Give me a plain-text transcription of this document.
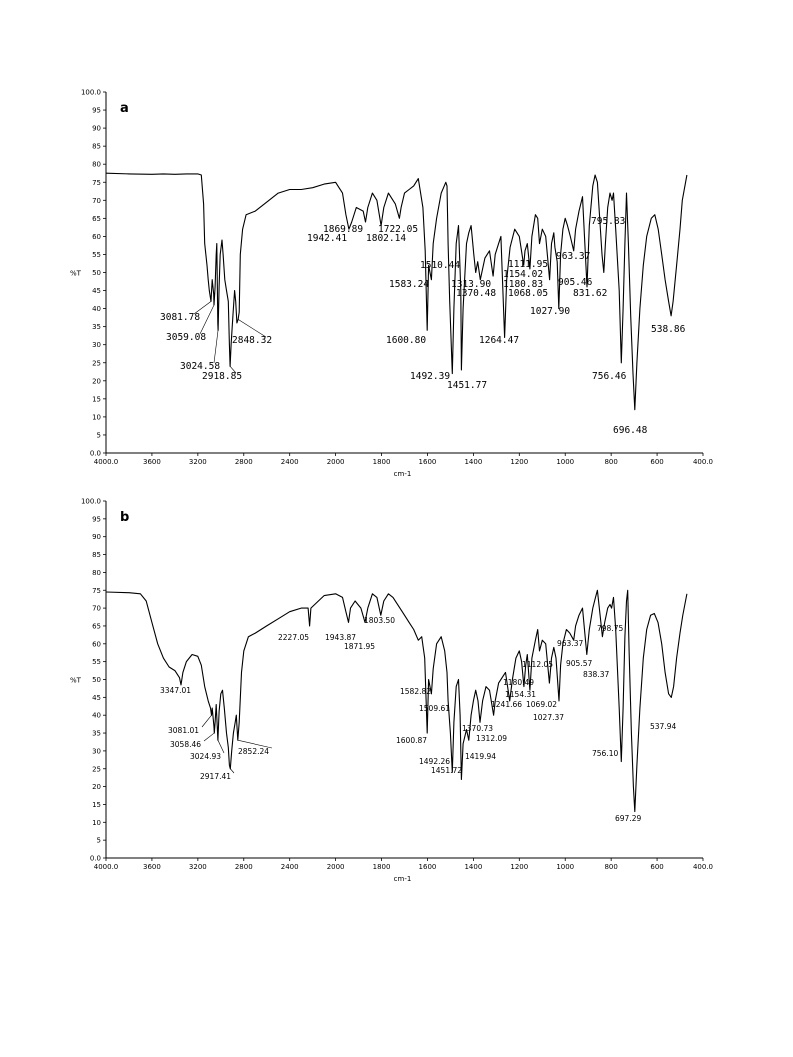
0.0
5
10
15
20
25
30
35
40
45
50
55
60
65
70
75
80
85
90
95
100.0
4000.0	3600	3200	2800	2400	2000	1800	1600	1400	1200	1000	800	600	400.0
cm-1
%T
a
3081.78
3059.08
3024.58
2918.85
2848.32
1942.41
1869.89
1802.14
1722.05
1600.80
1583.24
1510.44
1492.39
1451.77
1370.48
1313.90
1264.47
1180.83
1154.02
1111.95
1068.05
1027.90
963.37
905.46
831.62
795.83
756.46
696.48
538.86
0.0
5
10
15
20
25
30
35
40
45
50
55
60
65
70
75
80
85
90
95
100.0
4000.0	3600	3200	2800	2400	2000	1800	1600	1400	1200	1000	800	600	400.0
cm-1
%T
b
3347.01
3081.01
3058.46
3024.93
2917.41
2852.24
2227.05 1943.87
1871.95
1803.50
1600.87
1582.82
1509.61
1492.26
1451.72
1419.94
1370.73
1312.09
1241.66
1180.49
1154.31
1112.05
1069.02
1027.37
963.37
905.57
838.37
798.75
756.10
697.29
537.94
